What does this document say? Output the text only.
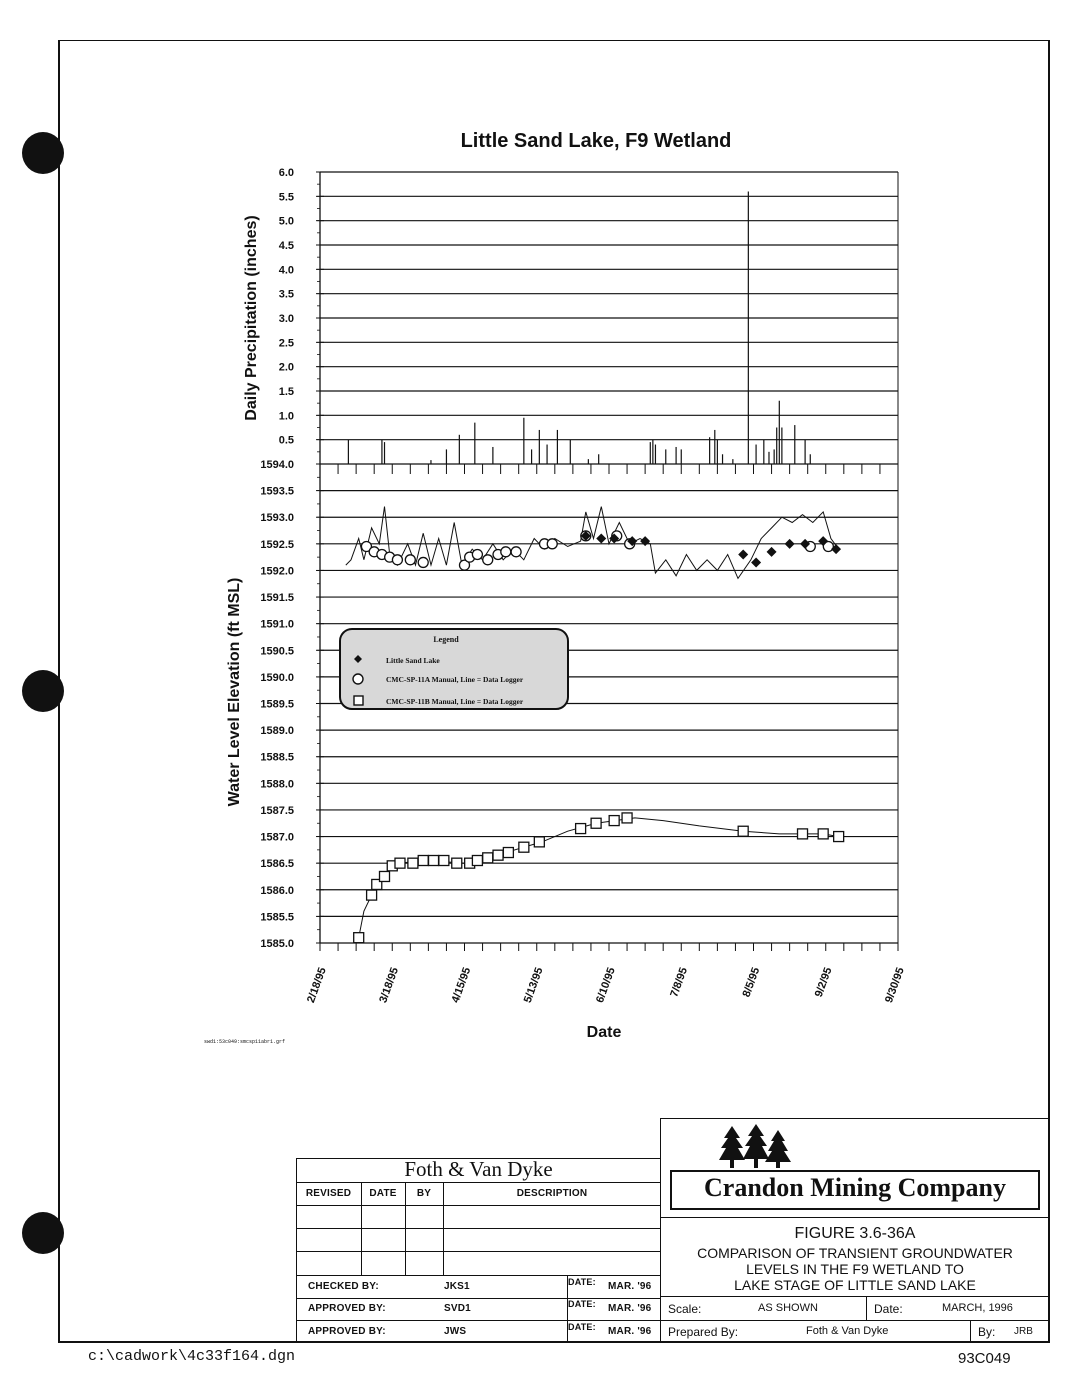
Little Sand Lake, F9 Wetland
0.5
1.0
1.5
2.0
2.5
3.0
3.5
4.0
4.5
5.0
5.5
6.0
1585.0
1585.5
1586.0
1586.5
1587.0
1587.5
1588.0
1588.5
1589.0
1589.5
1590.0
1590.5
1591.0
1591.5
1592.0
1592.5
1593.0
1593.5
1594.0
2/18/95	3/18/95	4/15/95	5/13/95	6/10/95	7/8/95	8/5/95	9/2/95	9/30/95
Daily Precipitation (inches)
Water Level Elevation (ft MSL)
Date
swd1:53c049:smcsp11abr1.grf
Legend
Little Sand Lake
CMC-SP-11A Manual, Line = Data Logger
CMC-SP-11B Manual, Line = Data Logger
Foth & Van Dyke
REVISED	DATE	BY	DESCRIPTION
CHECKED BY:	JKS1	DATE: MAR. '96
APPROVED BY:	SVD1	DATE: MAR. '96
APPROVED BY:	JWS	DATE: MAR. '96
Crandon Mining Company
FIGURE 3.6-36A
COMPARISON OF TRANSIENT GROUNDWATER
LEVELS IN THE F9 WETLAND TO
LAKE STAGE OF LITTLE SAND LAKE
Scale:	AS SHOWN	Date:	MARCH, 1996
Prepared By:	Foth & Van Dyke	By: JRB
c:\cadwork\4c33f164.dgn	93C049
